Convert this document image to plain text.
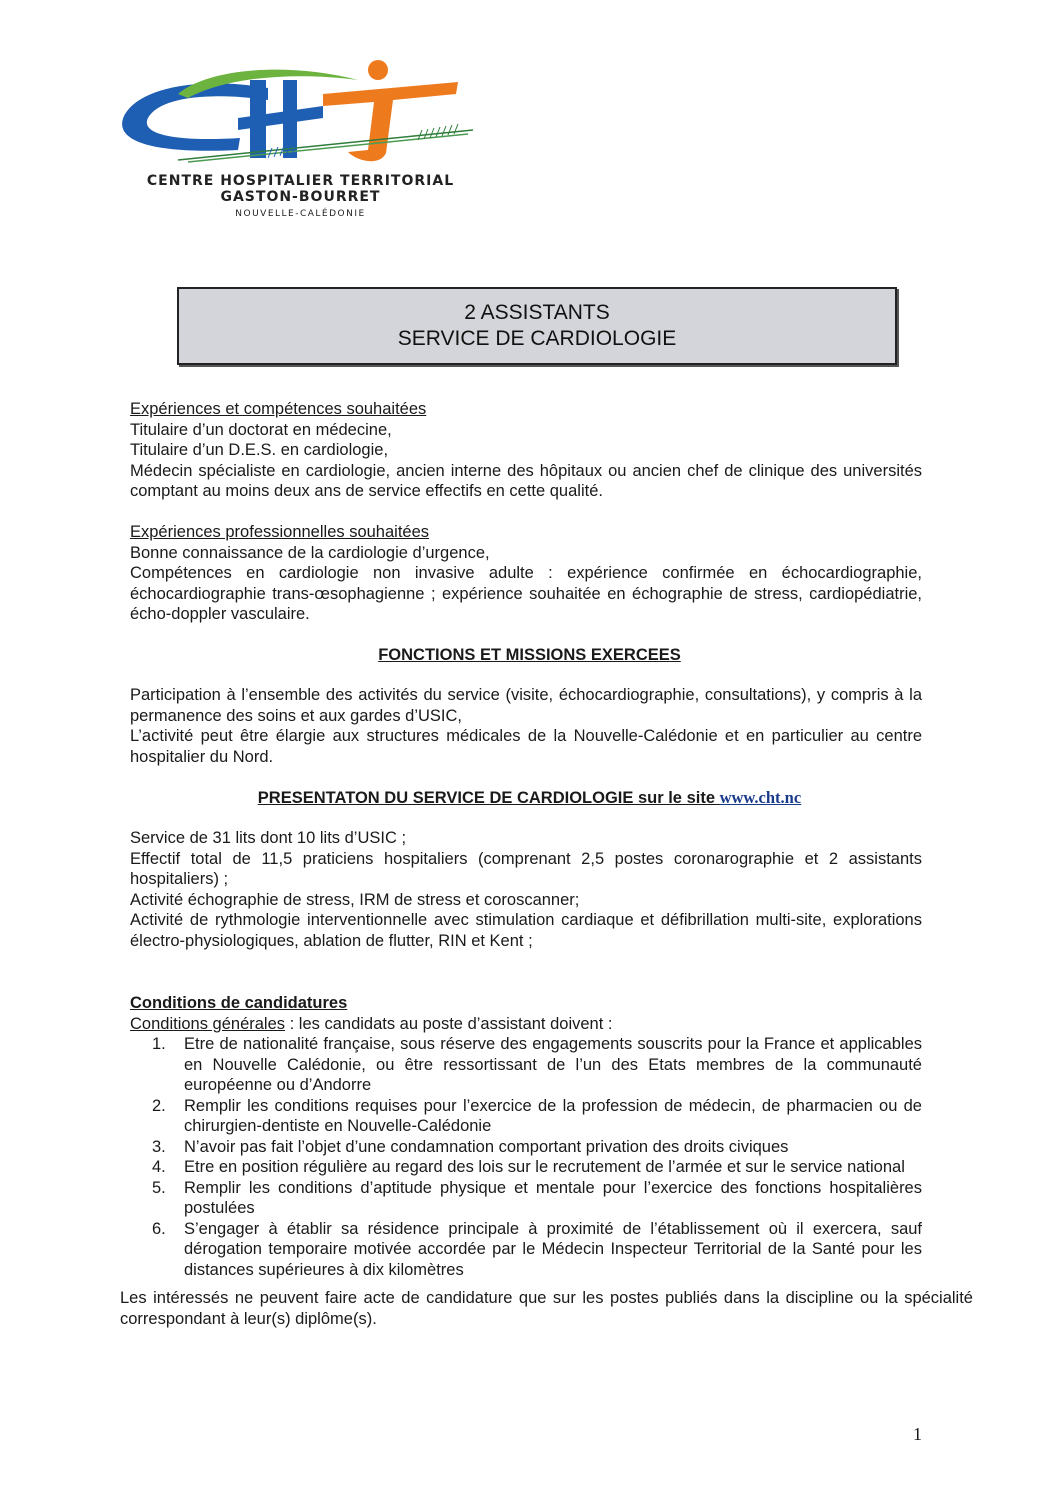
CENTRE HOSPITALIER TERRITORIAL
GASTON-BOURRET
NOUVELLE-CALÉDONIE
2 ASSISTANTS
SERVICE DE CARDIOLOGIE

Expériences et compétences souhaitées

Titulaire d’un doctorat en médecine,

Titulaire d’un D.E.S. en cardiologie,

Médecin spécialiste en cardiologie, ancien interne des hôpitaux ou ancien chef de clinique des universités comptant au moins deux ans de service effectifs en cette qualité.

Expériences professionnelles souhaitées

Bonne connaissance de la cardiologie d’urgence,

Compétences en cardiologie non invasive adulte : expérience confirmée en échocardiographie, échocardiographie trans-œsophagienne ; expérience souhaitée en échographie de stress, cardiopédiatrie, écho-doppler vasculaire.

FONCTIONS ET MISSIONS EXERCEES

Participation à l’ensemble des activités du service (visite, échocardiographie, consultations), y compris à la permanence des soins et aux gardes d’USIC,

L’activité peut être élargie aux structures médicales de la Nouvelle-Calédonie et en particulier au centre hospitalier du Nord.

PRESENTATON DU SERVICE DE CARDIOLOGIE sur le site www.cht.nc

Service de 31 lits dont 10 lits d’USIC ;

Effectif total de 11,5 praticiens hospitaliers (comprenant 2,5 postes coronarographie et 2 assistants hospitaliers) ;

Activité échographie de stress, IRM de stress et coroscanner;

Activité de rythmologie interventionnelle avec stimulation cardiaque et défibrillation multi-site, explorations électro-physiologiques, ablation de flutter, RIN et Kent ;

Conditions de candidatures

Conditions générales : les candidats au poste d’assistant doivent :

1. Etre de nationalité française, sous réserve des engagements souscrits pour la France et applicables en Nouvelle Calédonie, ou être ressortissant de l’un des Etats membres de la communauté européenne ou d’Andorre
2. Remplir les conditions requises pour l’exercice de la profession de médecin, de pharmacien ou de chirurgien-dentiste en Nouvelle-Calédonie
3. N’avoir pas fait l’objet d’une condamnation comportant privation des droits civiques
4. Etre en position régulière au regard des lois sur le recrutement de l’armée et sur le service national
5. Remplir les conditions d’aptitude physique et mentale pour l’exercice des fonctions hospitalières postulées
6. S’engager à établir sa résidence principale à proximité de l’établissement où il exercera, sauf dérogation temporaire motivée accordée par le Médecin Inspecteur Territorial de la Santé pour les distances supérieures à dix kilomètres

Les intéressés ne peuvent faire acte de candidature que sur les postes publiés dans la discipline ou la spécialité correspondant à leur(s) diplôme(s).

1
